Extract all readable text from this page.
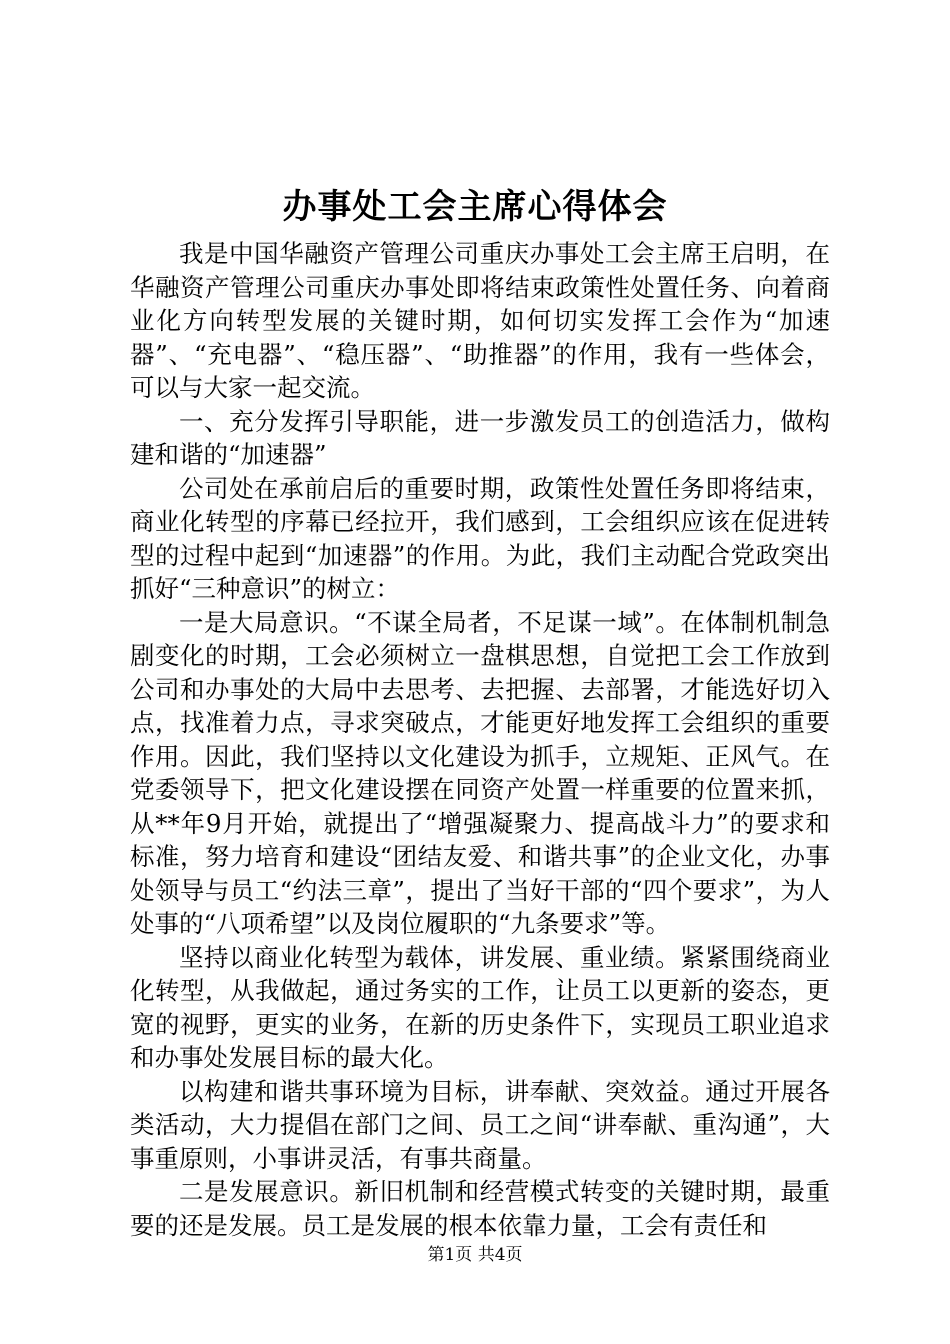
办事处工会主席心得体会

我是中国华融资产管理公司重庆办事处工会主席王启明，在华融资产管理公司重庆办事处即将结束政策性处置任务、向着商业化方向转型发展的关键时期，如何切实发挥工会作为“加速器”、“充电器”、“稳压器”、“助推器”的作用，我有一些体会，可以与大家一起交流。

一、充分发挥引导职能，进一步激发员工的创造活力，做构建和谐的“加速器”

公司处在承前启后的重要时期，政策性处置任务即将结束，商业化转型的序幕已经拉开，我们感到，工会组织应该在促进转型的过程中起到“加速器”的作用。为此，我们主动配合党政突出抓好“三种意识”的树立：

一是大局意识。“不谋全局者，不足谋一域”。在体制机制急剧变化的时期，工会必须树立一盘棋思想，自觉把工会工作放到公司和办事处的大局中去思考、去把握、去部署，才能选好切入点，找准着力点，寻求突破点，才能更好地发挥工会组织的重要作用。因此，我们坚持以文化建设为抓手，立规矩、正风气。在党委领导下，把文化建设摆在同资产处置一样重要的位置来抓，从**年9月开始，就提出了“增强凝聚力、提高战斗力”的要求和标准，努力培育和建设“团结友爱、和谐共事”的企业文化，办事处领导与员工“约法三章”，提出了当好干部的“四个要求”，为人处事的“八项希望”以及岗位履职的“九条要求”等。

坚持以商业化转型为载体，讲发展、重业绩。紧紧围绕商业化转型，从我做起，通过务实的工作，让员工以更新的姿态，更宽的视野，更实的业务，在新的历史条件下，实现员工职业追求和办事处发展目标的最大化。

以构建和谐共事环境为目标，讲奉献、突效益。通过开展各类活动，大力提倡在部门之间、员工之间“讲奉献、重沟通”，大事重原则，小事讲灵活，有事共商量。

二是发展意识。新旧机制和经营模式转变的关键时期，最重要的还是发展。员工是发展的根本依靠力量，工会有责任和

第1页 共4页
